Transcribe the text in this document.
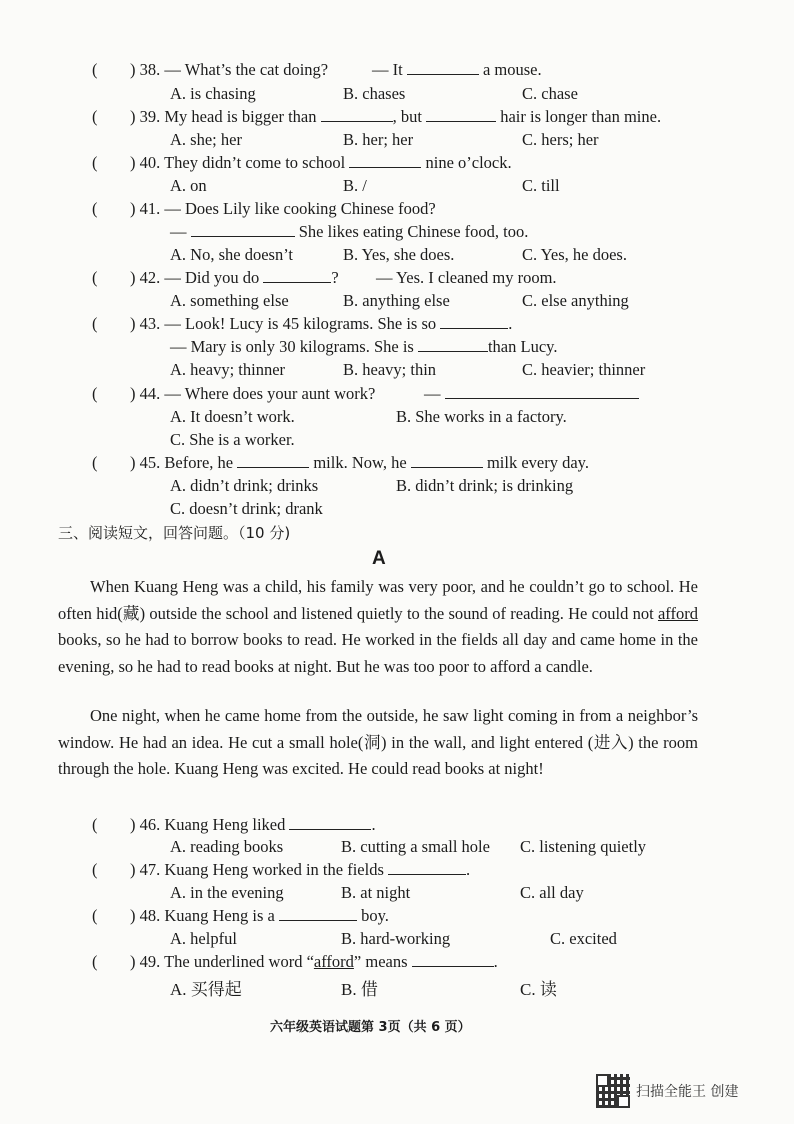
(	) 38. — What’s the cat doing?	— It	a mouse.
A. is chasing	B. chases	C. chase
(	) 39. My head is bigger than	, but	hair is longer than mine.
A. she; her	B. her; her	C. hers; her
(	) 40. They didn’t come to school	nine o’clock.
A. on	B. /	C. till
(	) 41. — Does Lily like cooking Chinese food?
—	She likes eating Chinese food, too.
A. No, she doesn’t	B. Yes, she does.	C. Yes, he does.
(	) 42. — Did you do	? — Yes. I cleaned my room.
A. something else	B. anything else	C. else anything
(	) 43. — Look! Lucy is 45 kilograms. She is so	.
— Mary is only 30 kilograms. She is	than Lucy.
A. heavy; thinner	B. heavy; thin	C. heavier; thinner
(	) 44. — Where does your aunt work?	—
A. It doesn’t work.	B. She works in a factory.
C. She is a worker.
(	) 45. Before, he	milk. Now, he	milk every day.
A. didn’t drink; drinks	B. didn’t drink; is drinking
C. doesn’t drink; drank
三、阅读短文，回答问题。（10 分)
A
When Kuang Heng was a child, his family was very poor, and he couldn’t go to school. He often hid(藏) outside the school and listened quietly to the sound of reading. He could not afford books, so he had to borrow books to read. He worked in the fields all day and came home in the evening, so he had to read books at night. But he was too poor to afford a candle.
One night, when he came home from the outside, he saw light coming in from a neighbor’s window. He had an idea. He cut a small hole(洞) in the wall, and light entered (进入) the room through the hole. Kuang Heng was excited. He could read books at night!
(	) 46. Kuang Heng liked	.
A. reading books	B. cutting a small hole C. listening quietly
(	) 47. Kuang Heng worked in the fields	.
A. in the evening	B. at night	C. all day
(	) 48. Kuang Heng is a	boy.
A. helpful	B. hard-working	C. excited
(	) 49. The underlined word “afford” means	.
A. 买得起	B. 借	C. 读
六年级英语试题第 3页（共 6 页）
扫描全能王 创建
